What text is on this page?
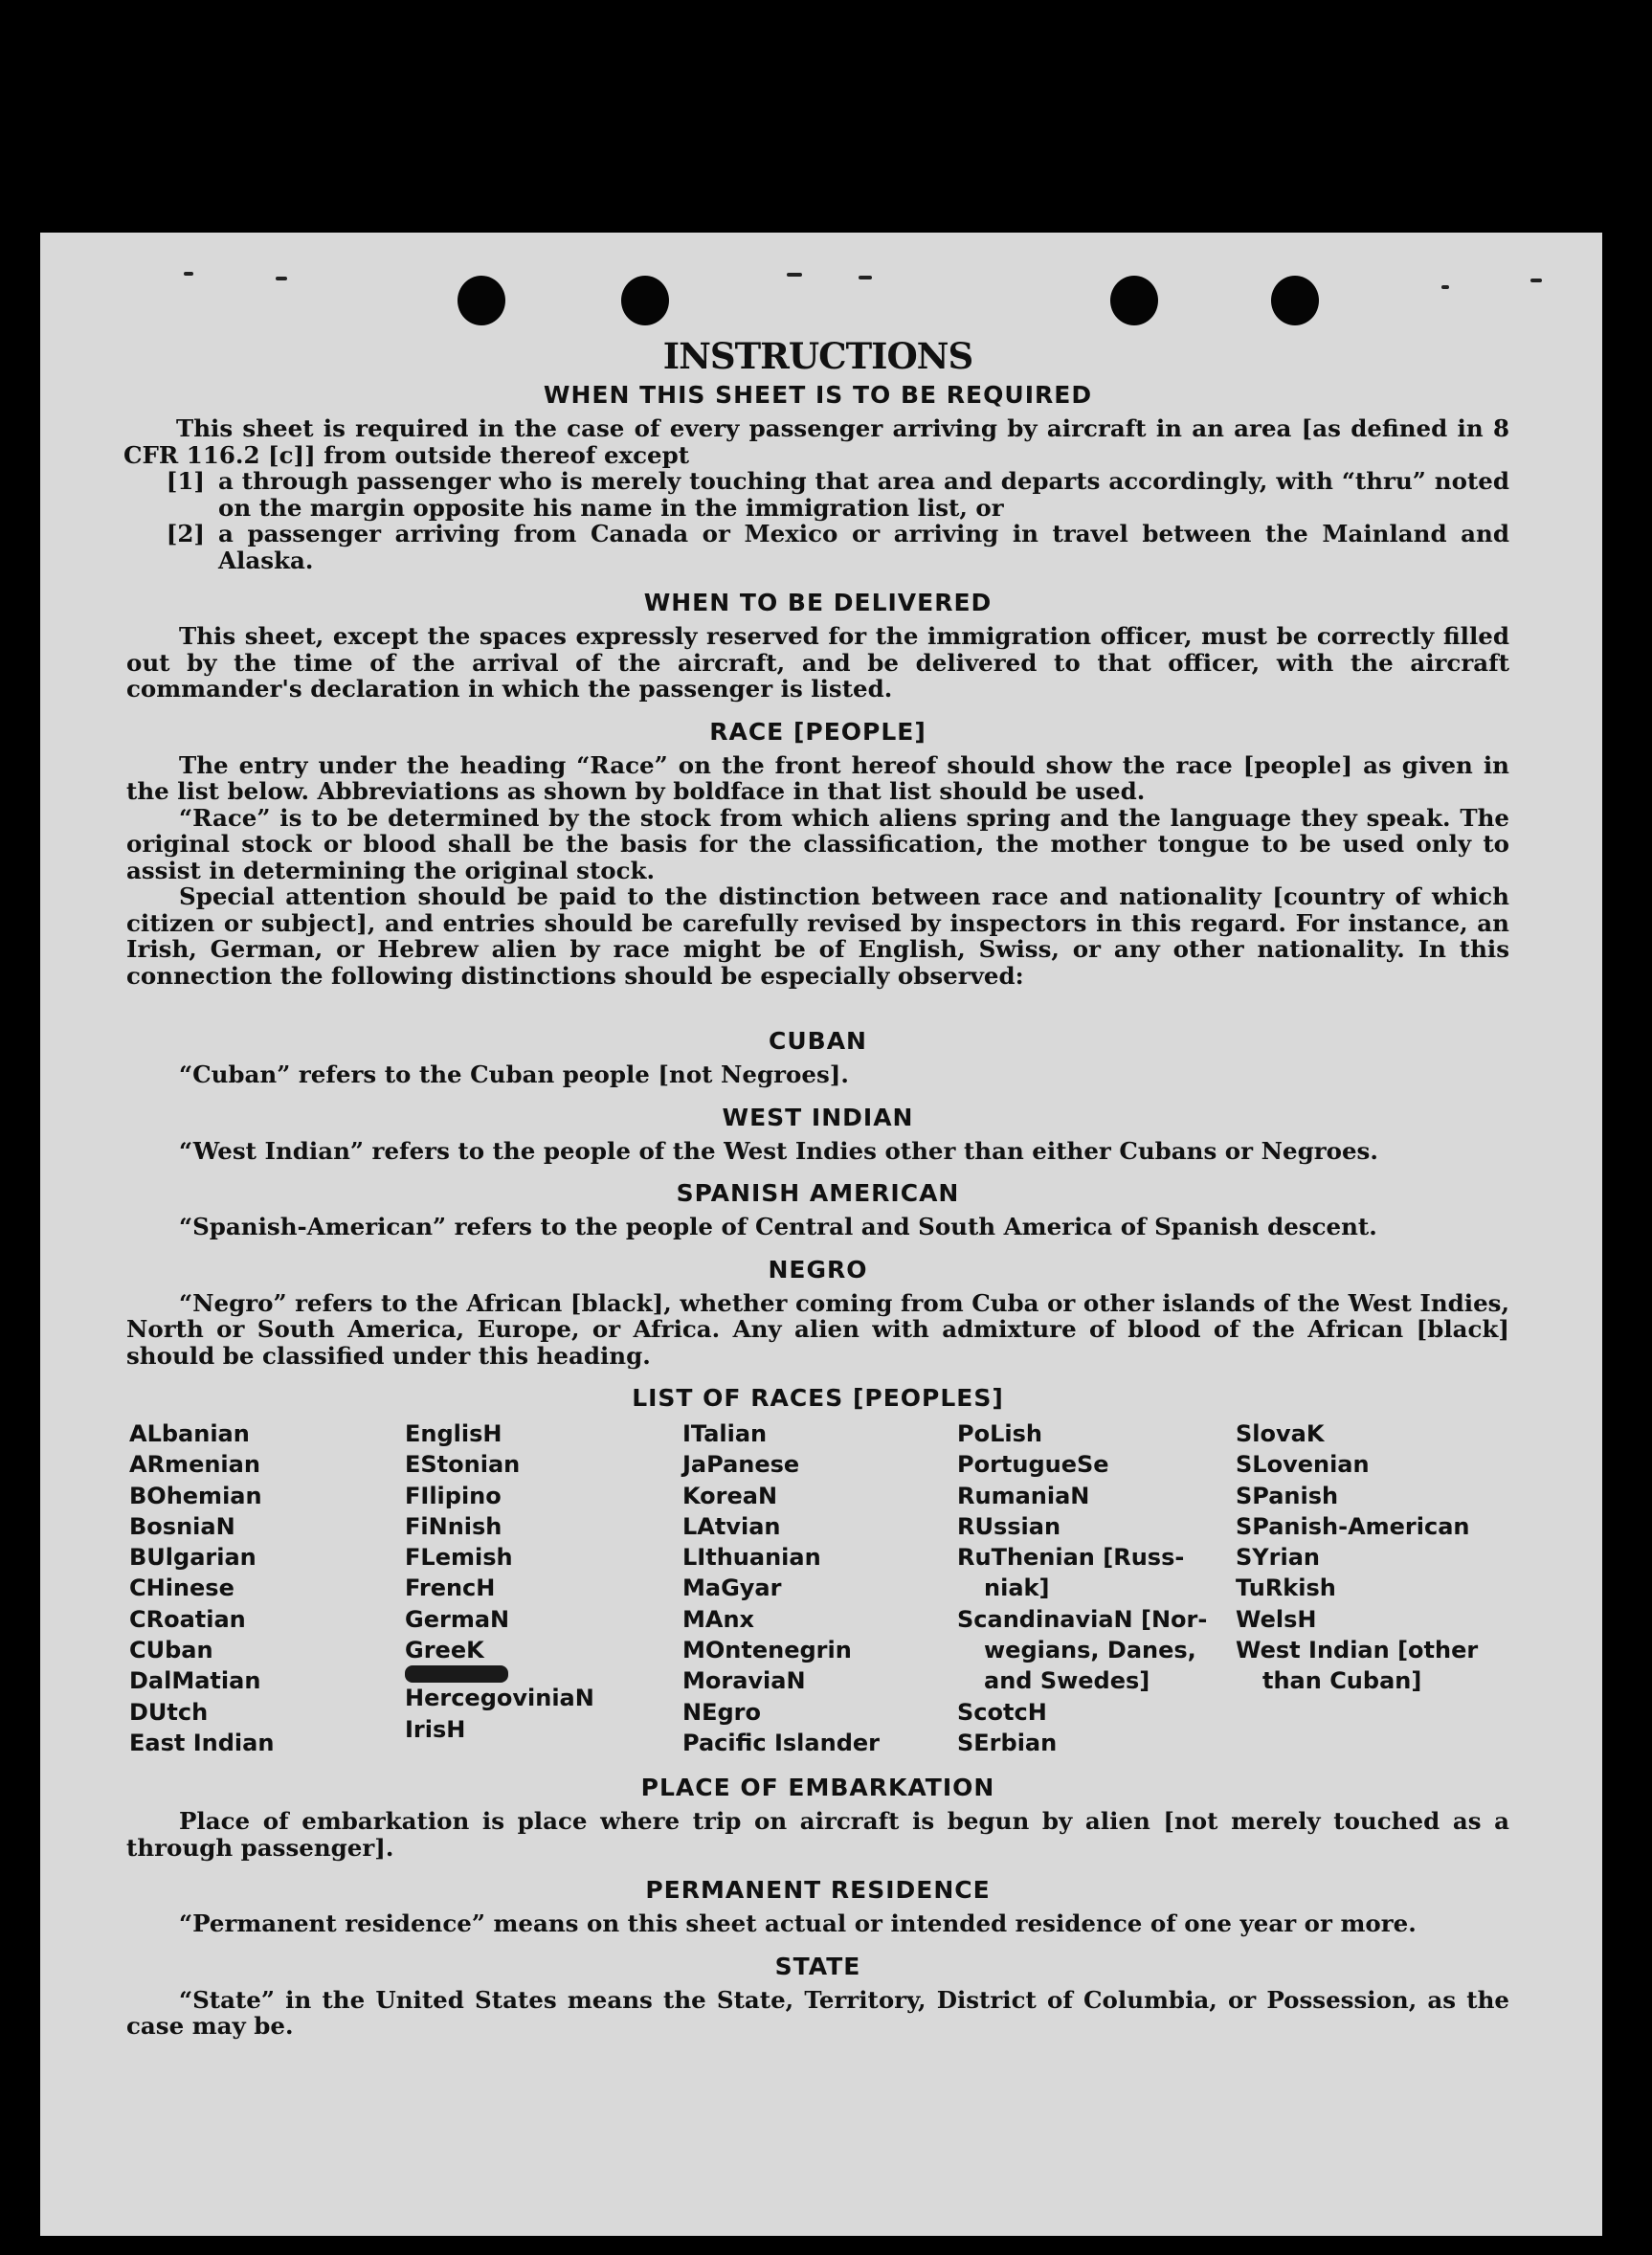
INSTRUCTIONS
WHEN THIS SHEET IS TO BE REQUIRED

This sheet is required in the case of every passenger arriving by aircraft in an area [as defined in 8 CFR 116.2 [c]] from outside thereof except

[1] a through passenger who is merely touching that area and departs accordingly, with “thru” noted on the margin opposite his name in the immigration list, or
[2] a passenger arriving from Canada or Mexico or arriving in travel between the Mainland and Alaska.
WHEN TO BE DELIVERED

This sheet, except the spaces expressly reserved for the immigration officer, must be correctly filled out by the time of the arrival of the aircraft, and be delivered to that officer, with the aircraft commander's declaration in which the passenger is listed.

RACE [PEOPLE]

The entry under the heading “Race” on the front hereof should show the race [people] as given in the list below. Abbreviations as shown by boldface in that list should be used.

“Race” is to be determined by the stock from which aliens spring and the language they speak. The original stock or blood shall be the basis for the classification, the mother tongue to be used only to assist in determining the original stock.

Special attention should be paid to the distinction between race and nationality [country of which citizen or subject], and entries should be carefully revised by inspectors in this regard. For instance, an Irish, German, or Hebrew alien by race might be of English, Swiss, or any other nationality. In this connection the following distinctions should be especially observed:

CUBAN

“Cuban” refers to the Cuban people [not Negroes].

WEST INDIAN

“West Indian” refers to the people of the West Indies other than either Cubans or Negroes.

SPANISH AMERICAN

“Spanish-American” refers to the people of Central and South America of Spanish descent.

NEGRO

“Negro” refers to the African [black], whether coming from Cuba or other islands of the West Indies, North or South America, Europe, or Africa. Any alien with admixture of blood of the African [black] should be classified under this heading.

LIST OF RACES [PEOPLES]
ALbanian
ARmenian
BOhemian
BosniaN
BUlgarian
CHinese
CRoatian
CUban
DalMatian
DUtch
East Indian
EnglisH
EStonian
FIlipino
FiNnish
FLemish
FrencH
GermaN
GreeK
HercegoviniaN
IrisH
ITalian
JaPanese
KoreaN
LAtvian
LIthuanian
MaGyar
MAnx
MOntenegrin
MoraviaN
NEgro
Pacific Islander
PoLish
PortugueSe
RumaniaN
RUssian
RuThenian [Russ-
niak]
ScandinaviaN [Nor-
wegians, Danes,
and Swedes]
ScotcH
SErbian
SlovaK
SLovenian
SPanish
SPanish-American
SYrian
TuRkish
WelsH
West Indian [other
than Cuban]
PLACE OF EMBARKATION

Place of embarkation is place where trip on aircraft is begun by alien [not merely touched as a through passenger].

PERMANENT RESIDENCE

“Permanent residence” means on this sheet actual or intended residence of one year or more.

STATE

“State” in the United States means the State, Territory, District of Columbia, or Possession, as the case may be.
